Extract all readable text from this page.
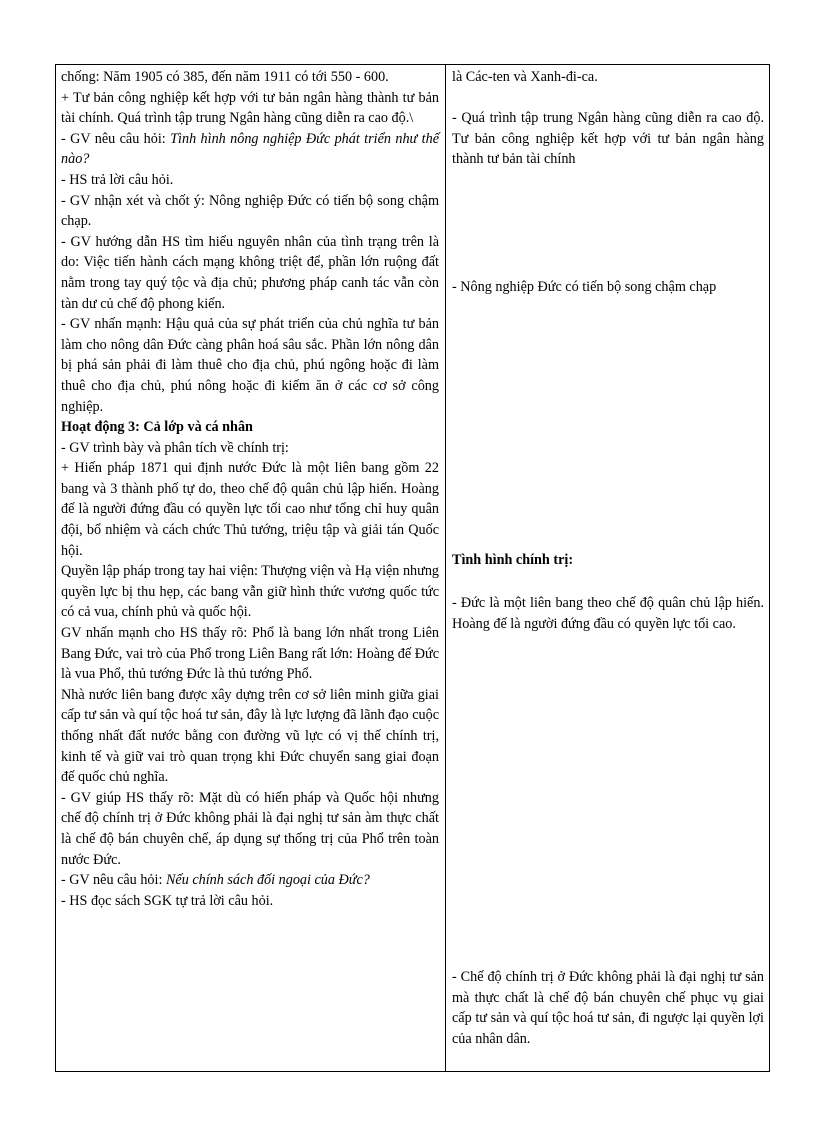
chống: Năm 1905 có 385, đến năm 1911 có tới 550 - 600.

+ Tư bản công nghiệp kết hợp với tư bản ngân hàng thành tư bản tài chính. Quá trình tập trung Ngân hàng cũng diễn ra cao độ.\

- GV nêu câu hỏi: Tình hình nông nghiệp Đức phát triển như thế nào?

- HS trả lời câu hỏi.

- GV nhận xét và chốt ý: Nông nghiệp Đức có tiến bộ song chậm chạp.

- GV hướng dẫn HS tìm hiểu nguyên nhân của tình trạng trên là do: Việc tiến hành cách mạng không triệt để, phần lớn ruộng đất nằm trong tay quý tộc và địa chủ; phương pháp canh tác vẫn còn tàn dư củ chế độ phong kiến.

- GV nhấn mạnh: Hậu quả của sự phát triển của chủ nghĩa tư bản làm cho nông dân Đức càng phân hoá sâu sắc. Phần lớn nông dân bị phá sản phải đi làm thuê cho địa chủ, phú ngông hoặc đi làm thuê cho địa chủ, phú nông hoặc đi kiếm ăn ở các cơ sở công nghiệp.

Hoạt động 3: Cả lớp và cá nhân

- GV trình bày và phân tích về chính trị:

+ Hiến pháp 1871 qui định nước Đức là một liên bang gồm 22 bang và 3 thành phố tự do, theo chế độ quân chủ lập hiến. Hoàng đế là người đứng đầu có quyền lực tối cao như tổng chỉ huy quân đội, bổ nhiệm và cách chức Thủ tướng, triệu tập và giải tán Quốc hội.

Quyền lập pháp trong tay hai viện: Thượng viện và Hạ viện nhưng quyền lực bị thu hẹp, các bang vẫn giữ hình thức vương quốc tức có cả vua, chính phủ và quốc hội.

GV nhấn mạnh cho HS thấy rõ: Phổ là bang lớn nhất trong Liên Bang Đức, vai trò của Phổ trong Liên Bang rất lớn: Hoàng đế Đức là vua Phổ, thủ tướng Đức là thủ tướng Phổ.

Nhà nước liên bang được xây dựng trên cơ sở liên minh giữa giai cấp tư sản và quí tộc hoá tư sản, đây là lực lượng đã lãnh đạo cuộc thống nhất đất nước bằng con đường vũ lực có vị thế chính trị, kinh tế và giữ vai trò quan trọng khi Đức chuyển sang giai đoạn đế quốc chủ nghĩa.

- GV giúp HS thấy rõ: Mặt dù có hiến pháp và Quốc hội nhưng chế độ chính trị ở Đức không phải là đại nghị tư sản àm thực chất là chế độ bán chuyên chế, áp dụng sự thống trị của Phổ trên toàn nước Đức.

- GV nêu câu hỏi: Nếu chính sách đối ngoại của Đức?

- HS đọc sách SGK tự trả lời câu hỏi.

là Các-ten và Xanh-đi-ca.

- Quá trình tập trung Ngân hàng cũng diễn ra cao độ. Tư bản công nghiệp kết hợp với tư bản ngân hàng thành tư bản tài chính

- Nông nghiệp Đức có tiến bộ song chậm chạp

Tình hình chính trị:

- Đức là một liên bang theo chế độ quân chủ lập hiến. Hoàng đế là người đứng đầu có quyền lực tối cao.

- Chế độ chính trị ở Đức không phải là đại nghị tư sản mà thực chất là chế độ bán chuyên chế phục vụ giai cấp tư sản và quí tộc hoá tư sản, đi ngược lại quyền lợi của nhân dân.
